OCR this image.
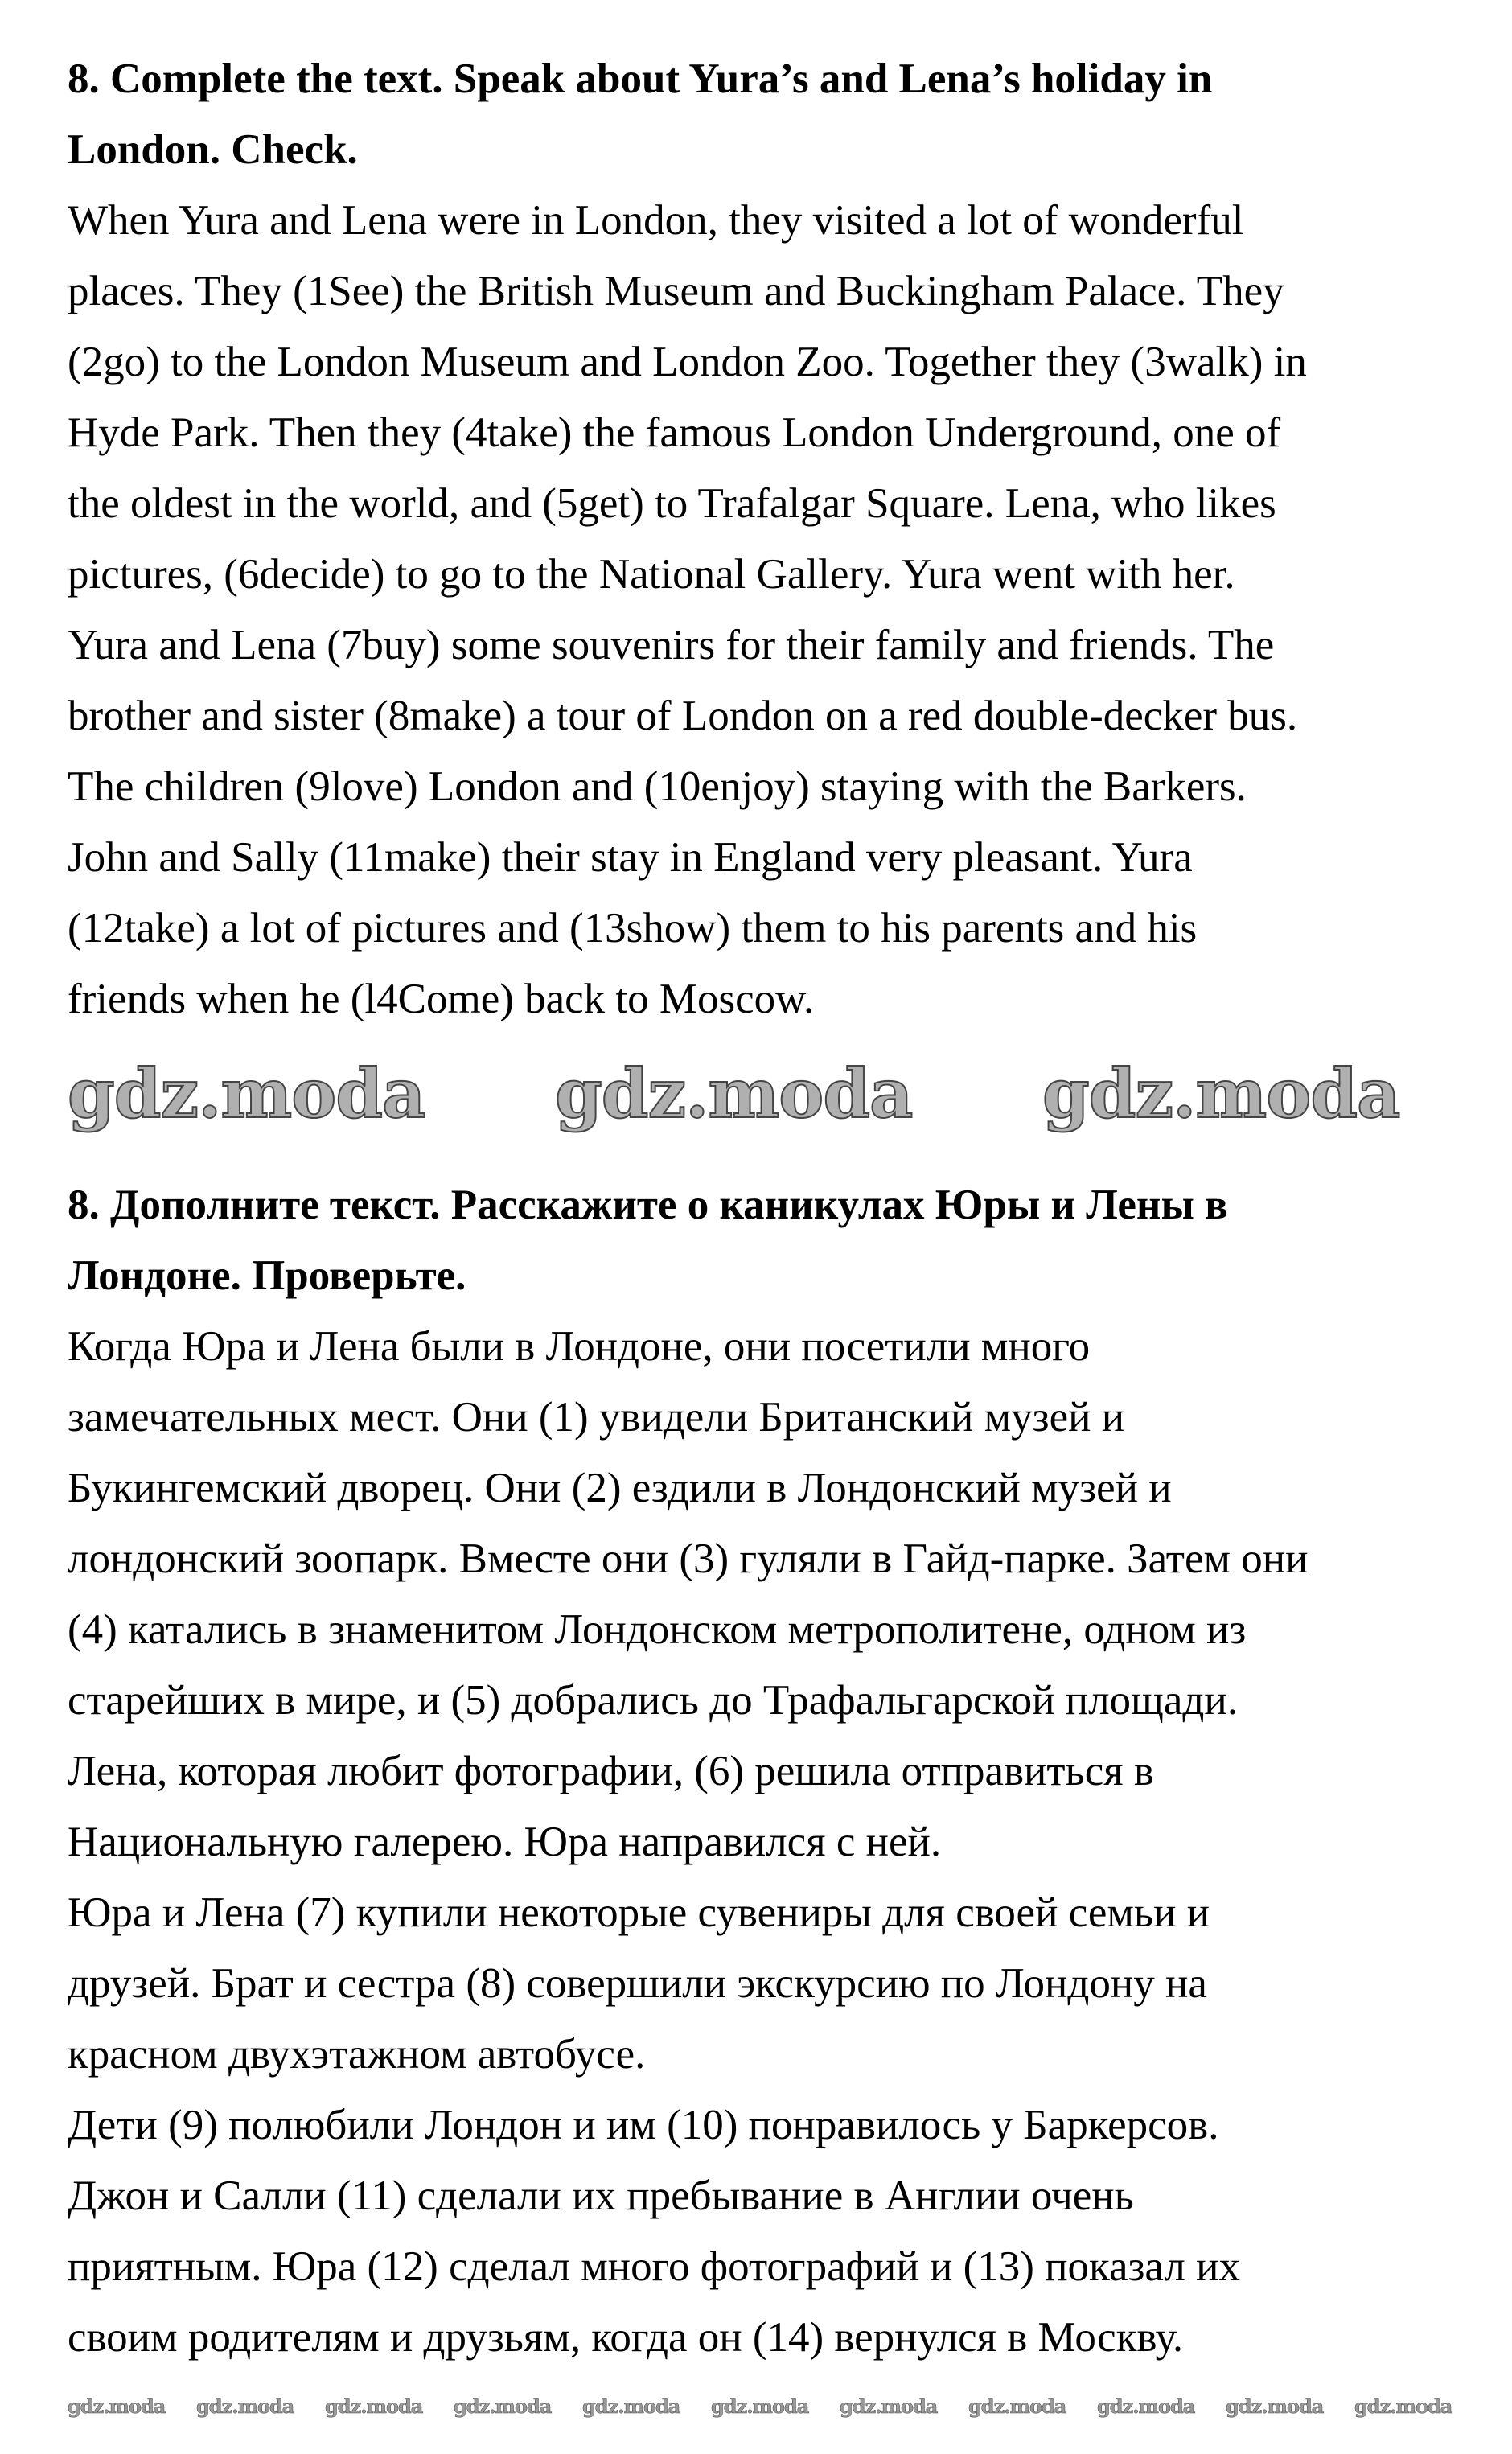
8. Complete the text. Speak about Yura’s and Lena’s holiday in
London. Check.
When Yura and Lena were in London, they visited a lot of wonderful
places. They (1See) the British Museum and Buckingham Palace. They
(2go) to the London Museum and London Zoo. Together they (3walk) in
Hyde Park. Then they (4take) the famous London Underground, one of
the oldest in the world, and (5get) to Trafalgar Square. Lena, who likes
pictures, (6decide) to go to the National Gallery. Yura went with her.
Yura and Lena (7buy) some souvenirs for their family and friends. The
brother and sister (8make) a tour of London on a red double-decker bus.
The children (9love) London and (10enjoy) staying with the Barkers.
John and Sally (11make) their stay in England very pleasant. Yura
(12take) a lot of pictures and (13show) them to his parents and his
friends when he (l4Come) back to Moscow.
8. Дополните текст. Расскажите о каникулах Юры и Лены в
Лондоне. Проверьте.
Когда Юра и Лена были в Лондоне, они посетили много
замечательных мест. Они (1) увидели Британский музей и
Букингемский дворец. Они (2) ездили в Лондонский музей и
лондонский зоопарк. Вместе они (3) гуляли в Гайд-парке. Затем они
(4) катались в знаменитом Лондонском метрополитене, одном из
старейших в мире, и (5) добрались до Трафальгарской площади.
Лена, которая любит фотографии, (6) решила отправиться в
Национальную галерею. Юра направился с ней.
Юра и Лена (7) купили некоторые сувениры для своей семьи и
друзей. Брат и сестра (8) совершили экскурсию по Лондону на
красном двухэтажном автобусе.
Дети (9) полюбили Лондон и им (10) понравилось у Баркерсов.
Джон и Салли (11) сделали их пребывание в Англии очень
приятным. Юра (12) сделал много фотографий и (13) показал их
своим родителям и друзьям, когда он (14) вернулся в Москву.
gdz.moda gdz.moda gdz.moda
gdz.moda gdz.moda gdz.moda gdz.moda gdz.moda gdz.moda gdz.moda gdz.moda gdz.moda gdz.moda gdz.moda
